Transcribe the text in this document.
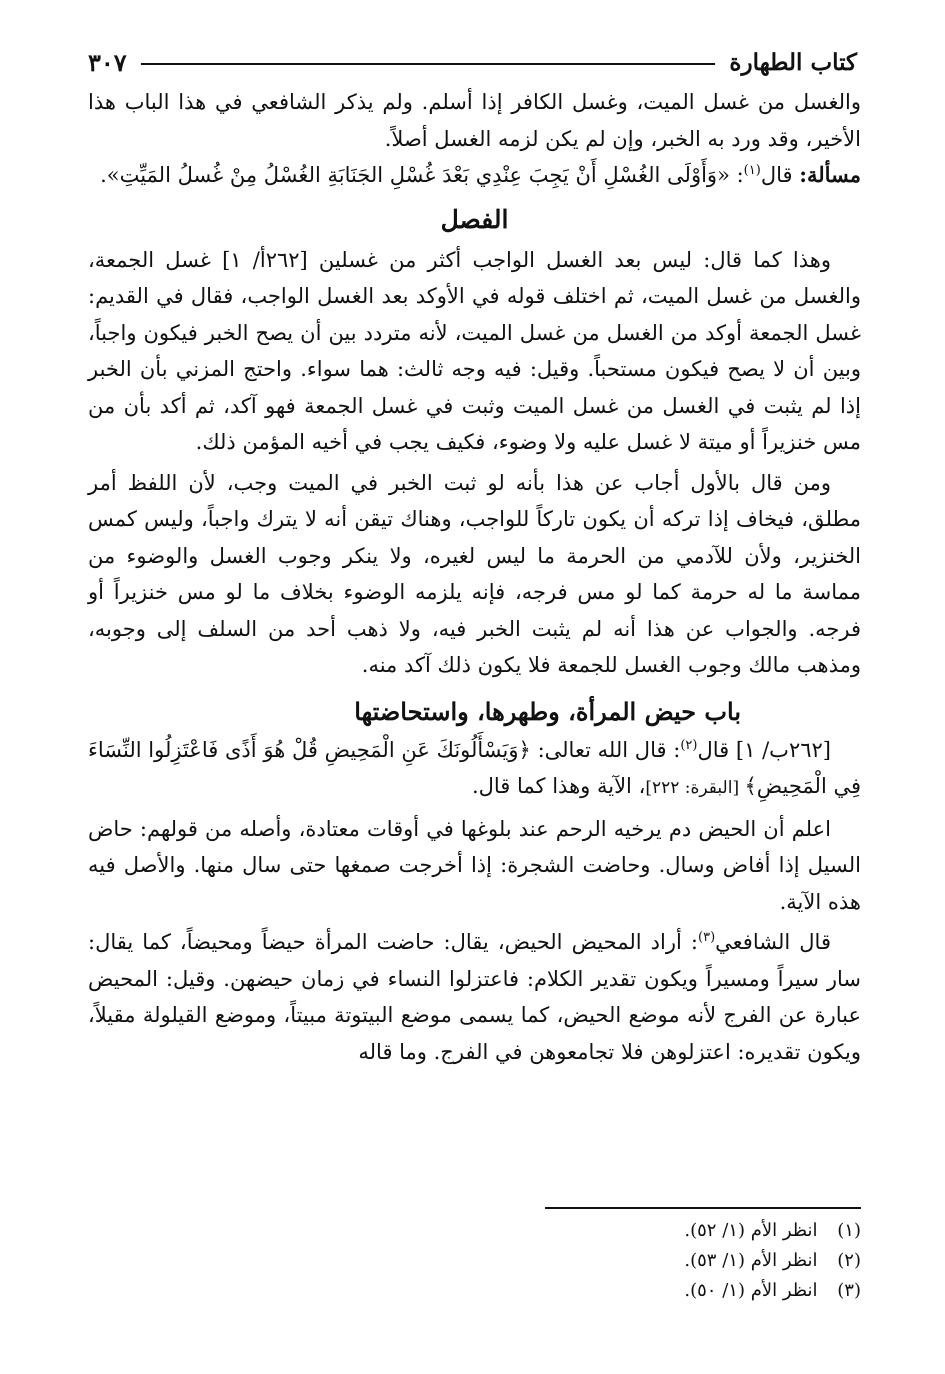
كتاب الطهارة
٣٠٧

والغسل من غسل الميت، وغسل الكافر إذا أسلم. ولم يذكر الشافعي في هذا الباب هذا الأخير، وقد ورد به الخبر، وإن لم يكن لزمه الغسل أصلاً.

مسألة: قال$^{(١)}$: «وَأَوْلَى الغُسْلِ أَنْ يَجِبَ عِنْدِي بَعْدَ غُسْلِ الجَنَابَةِ الغُسْلُ مِنْ غُسلُ المَيِّتِ».

الفصل

وهذا كما قال: ليس بعد الغسل الواجب أكثر من غسلين [٢٦٢أ/ ١] غسل الجمعة، والغسل من غسل الميت، ثم اختلف قوله في الأوكد بعد الغسل الواجب، فقال في القديم: غسل الجمعة أوكد من الغسل من غسل الميت، لأنه متردد بين أن يصح الخبر فيكون واجباً، وبين أن لا يصح فيكون مستحباً. وقيل: فيه وجه ثالث: هما سواء. واحتج المزني بأن الخبر إذا لم يثبت في الغسل من غسل الميت وثبت في غسل الجمعة فهو آكد، ثم أكد بأن من مس خنزيراً أو ميتة لا غسل عليه ولا وضوء، فكيف يجب في أخيه المؤمن ذلك.

ومن قال بالأول أجاب عن هذا بأنه لو ثبت الخبر في الميت وجب، لأن اللفظ أمر مطلق، فيخاف إذا تركه أن يكون تاركاً للواجب، وهناك تيقن أنه لا يترك واجباً، وليس كمس الخنزير، ولأن للآدمي من الحرمة ما ليس لغيره، ولا ينكر وجوب الغسل والوضوء من مماسة ما له حرمة كما لو مس فرجه، فإنه يلزمه الوضوء بخلاف ما لو مس خنزيراً أو فرجه. والجواب عن هذا أنه لم يثبت الخبر فيه، ولا ذهب أحد من السلف إلى وجوبه، ومذهب مالك وجوب الغسل للجمعة فلا يكون ذلك آكد منه.

باب حيض المرأة، وطهرها، واستحاضتها

[٢٦٢ب/ ١] قال$^{(٢)}$: قال الله تعالى: ﴿وَيَسْأَلُونَكَ عَنِ الْمَحِيضِ قُلْ هُوَ أَذًى فَاعْتَزِلُوا النِّسَاءَ فِي الْمَحِيضِ﴾ [البقرة: ٢٢٢]، الآية وهذا كما قال.

اعلم أن الحيض دم يرخيه الرحم عند بلوغها في أوقات معتادة، وأصله من قولهم: حاض السيل إذا أفاض وسال. وحاضت الشجرة: إذا أخرجت صمغها حتى سال منها. والأصل فيه هذه الآية.

قال الشافعي$^{(٣)}$: أراد المحيض الحيض، يقال: حاضت المرأة حيضاً ومحيضاً، كما يقال: سار سيراً ومسيراً ويكون تقدير الكلام: فاعتزلوا النساء في زمان حيضهن. وقيل: المحيض عبارة عن الفرج لأنه موضع الحيض، كما يسمى موضع البيتوتة مبيتاً، وموضع القيلولة مقيلاً، ويكون تقديره: اعتزلوهن فلا تجامعوهن في الفرج. وما قاله

(١)  انظر الأم (١/ ٥٢).
(٢)  انظر الأم (١/ ٥٣).
(٣)  انظر الأم (١/ ٥٠).
